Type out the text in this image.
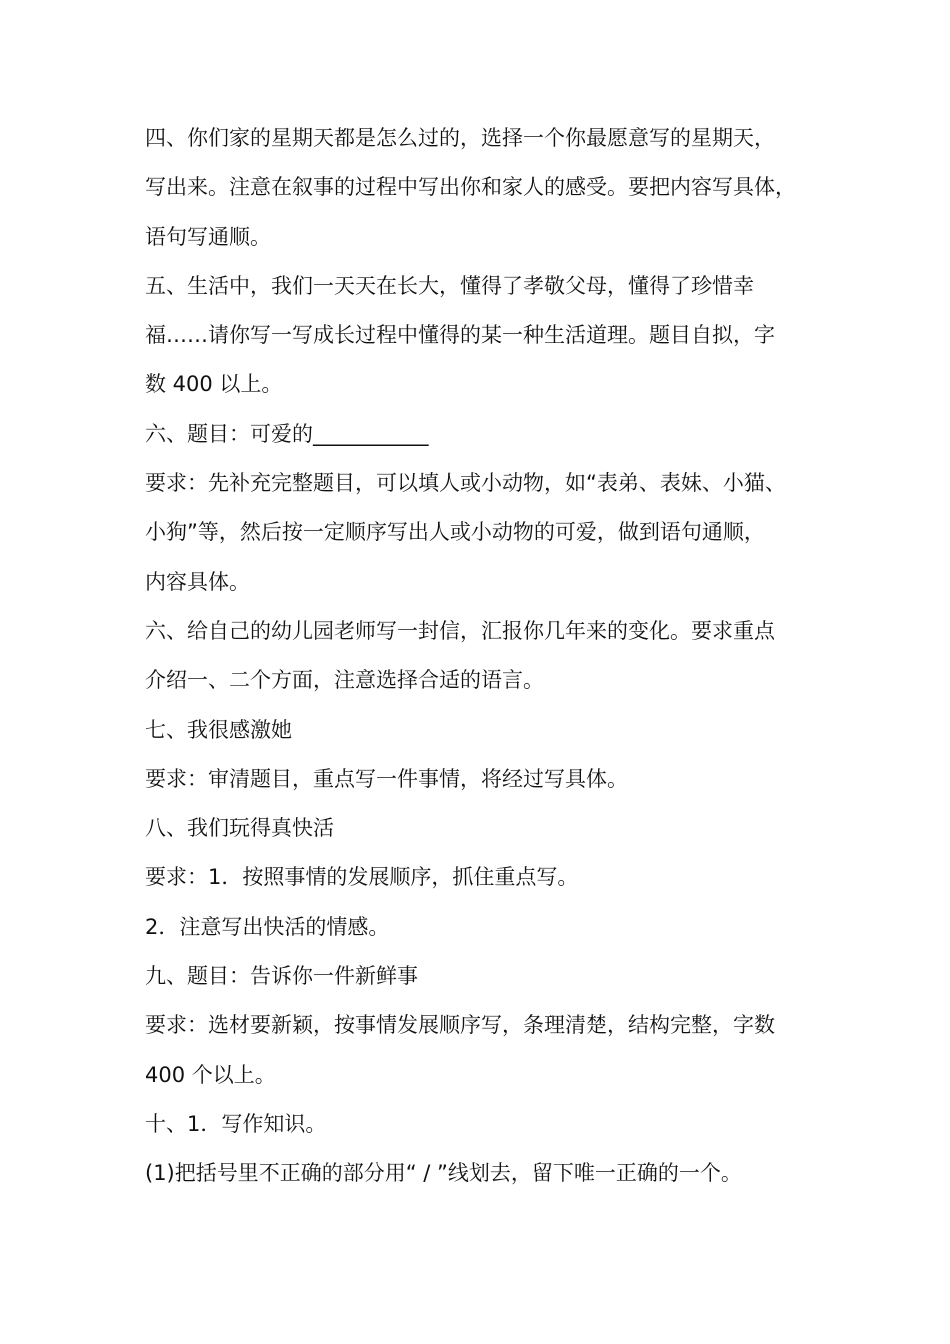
四、你们家的星期天都是怎么过的，选择一个你最愿意写的星期天，
写出来。注意在叙事的过程中写出你和家人的感受。要把内容写具体，
语句写通顺。
五、生活中，我们一天天在长大，懂得了孝敬父母，懂得了珍惜幸
福……请你写一写成长过程中懂得的某一种生活道理。题目自拟，字
数 400 以上。
六、题目：可爱的___________
要求：先补充完整题目，可以填人或小动物，如“表弟、表妹、小猫、
小狗”等，然后按一定顺序写出人或小动物的可爱，做到语句通顺，
内容具体。
六、给自己的幼儿园老师写一封信，汇报你几年来的变化。要求重点
介绍一、二个方面，注意选择合适的语言。
七、我很感激她
要求：审清题目，重点写一件事情，将经过写具体。
八、我们玩得真快活
要求：1．按照事情的发展顺序，抓住重点写。
2．注意写出快活的情感。
九、题目：告诉你一件新鲜事
要求：选材要新颖，按事情发展顺序写，条理清楚，结构完整，字数
400 个以上。
十、1．写作知识。
(1)把括号里不正确的部分用“ / ”线划去，留下唯一正确的一个。
